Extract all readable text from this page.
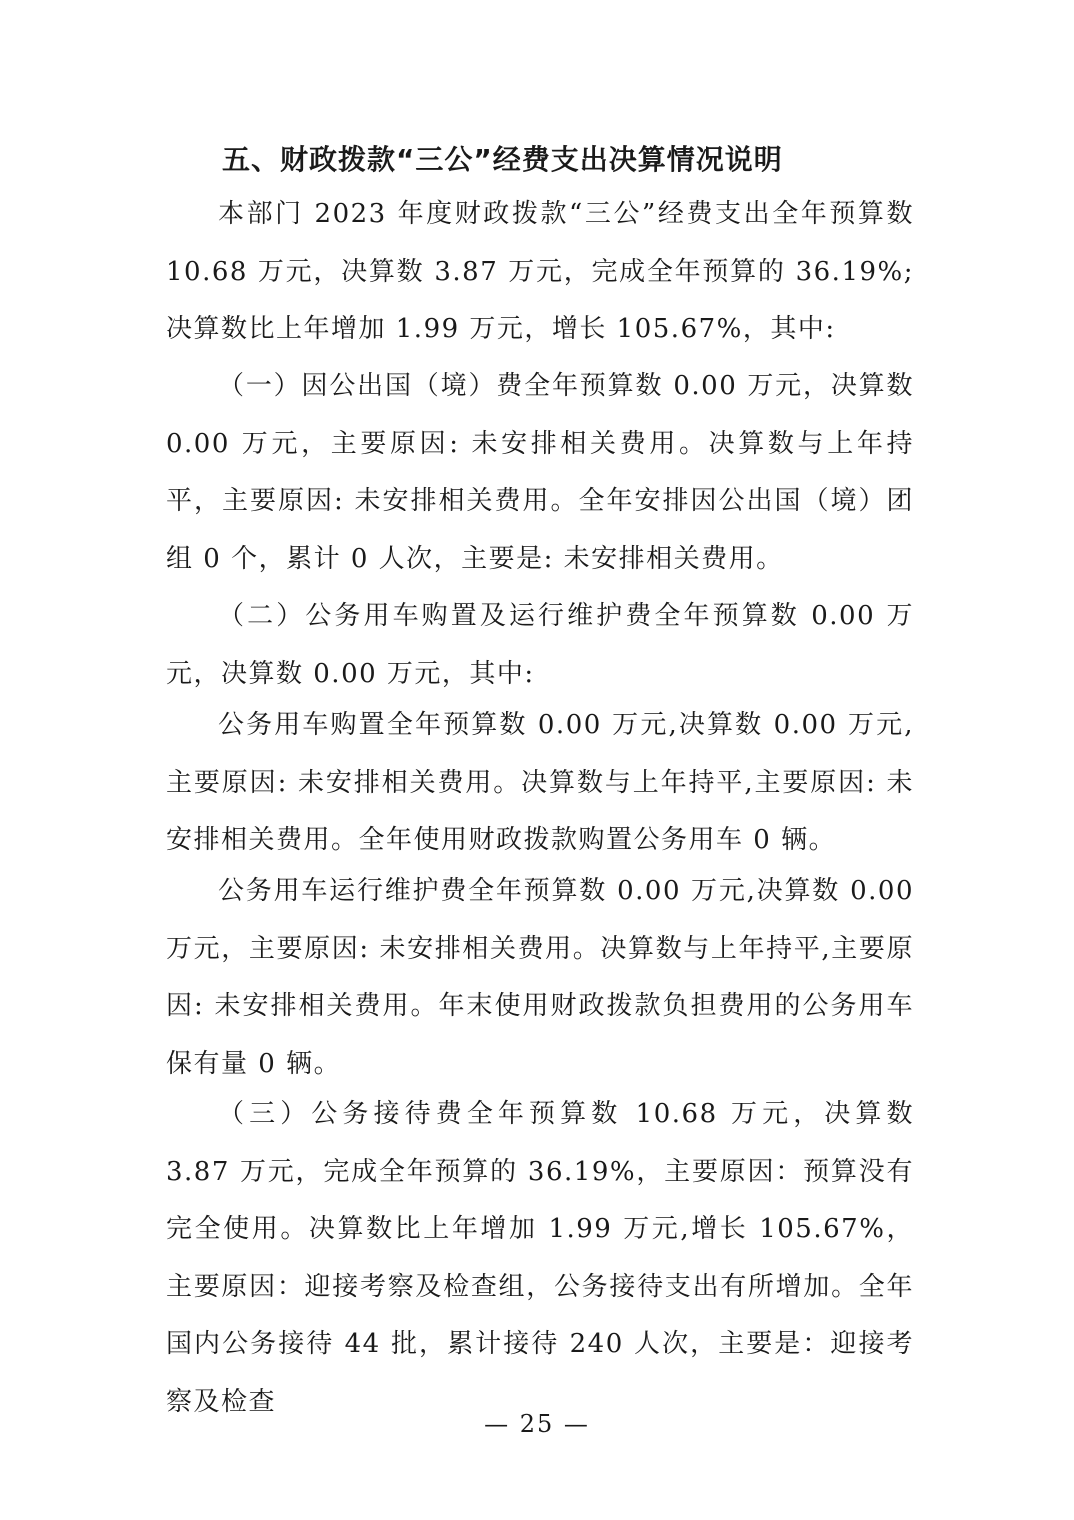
五、财政拨款“三公”经费支出决算情况说明

本部门 2023 年度财政拨款“三公”经费支出全年预算数 10.68 万元，决算数 3.87 万元，完成全年预算的 36.19%;决算数比上年增加 1.99 万元，增长 105.67%，其中:

（一）因公出国（境）费全年预算数 0.00 万元，决算数 0.00 万元，主要原因: 未安排相关费用。决算数与上年持平，主要原因: 未安排相关费用。全年安排因公出国（境）团组 0 个，累计 0 人次，主要是: 未安排相关费用。

（二）公务用车购置及运行维护费全年预算数 0.00 万元，决算数 0.00 万元，其中:

公务用车购置全年预算数 0.00 万元,决算数 0.00 万元,主要原因: 未安排相关费用。决算数与上年持平,主要原因: 未安排相关费用。全年使用财政拨款购置公务用车 0 辆。

公务用车运行维护费全年预算数 0.00 万元,决算数 0.00 万元，主要原因: 未安排相关费用。决算数与上年持平,主要原因: 未安排相关费用。年末使用财政拨款负担费用的公务用车保有量 0 辆。

（三）公务接待费全年预算数 10.68 万元，决算数 3.87 万元，完成全年预算的 36.19%，主要原因：预算没有完全使用。决算数比上年增加 1.99 万元,增长 105.67%，主要原因：迎接考察及检查组，公务接待支出有所增加。全年国内公务接待 44 批，累计接待 240 人次，主要是：迎接考察及检查

— 25 —
